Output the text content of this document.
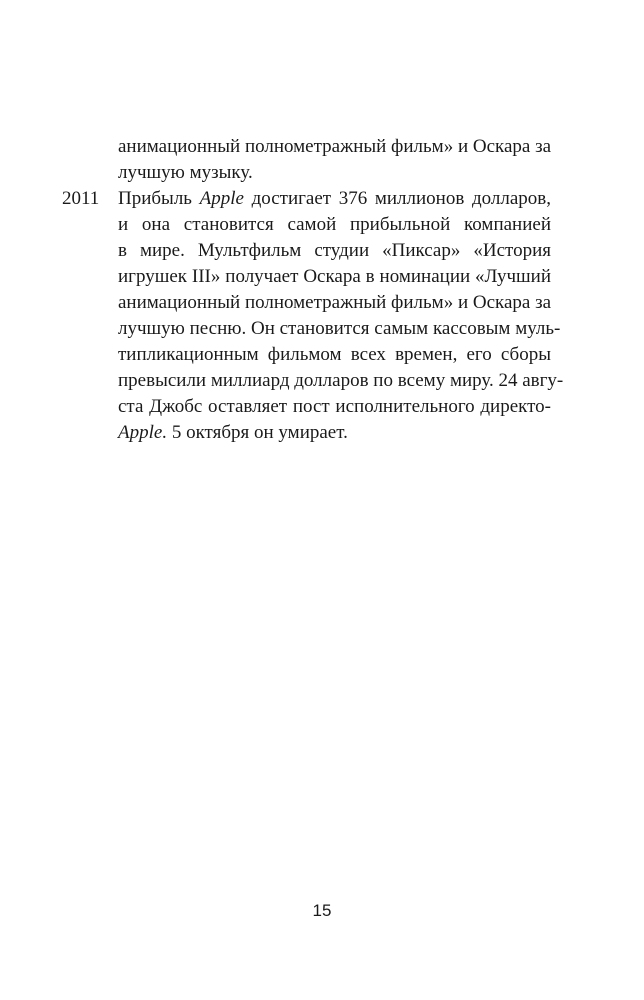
анимационный полнометражный фильм» и Оскара за
лучшую музыку.
2011 Прибыль Apple достигает 376 миллионов долларов,
и она становится самой прибыльной компанией
в мире. Мультфильм студии «Пиксар» «История
игрушек III» получает Оскара в номинации «Лучший
анимационный полнометражный фильм» и Оскара за
лучшую песню. Он становится самым кассовым муль-
типликационным фильмом всех времен, его сборы
превысили миллиард долларов по всему миру. 24 авгу-
ста Джобс оставляет пост исполнительного директо-
Apple. 5 октября он умирает.
15
